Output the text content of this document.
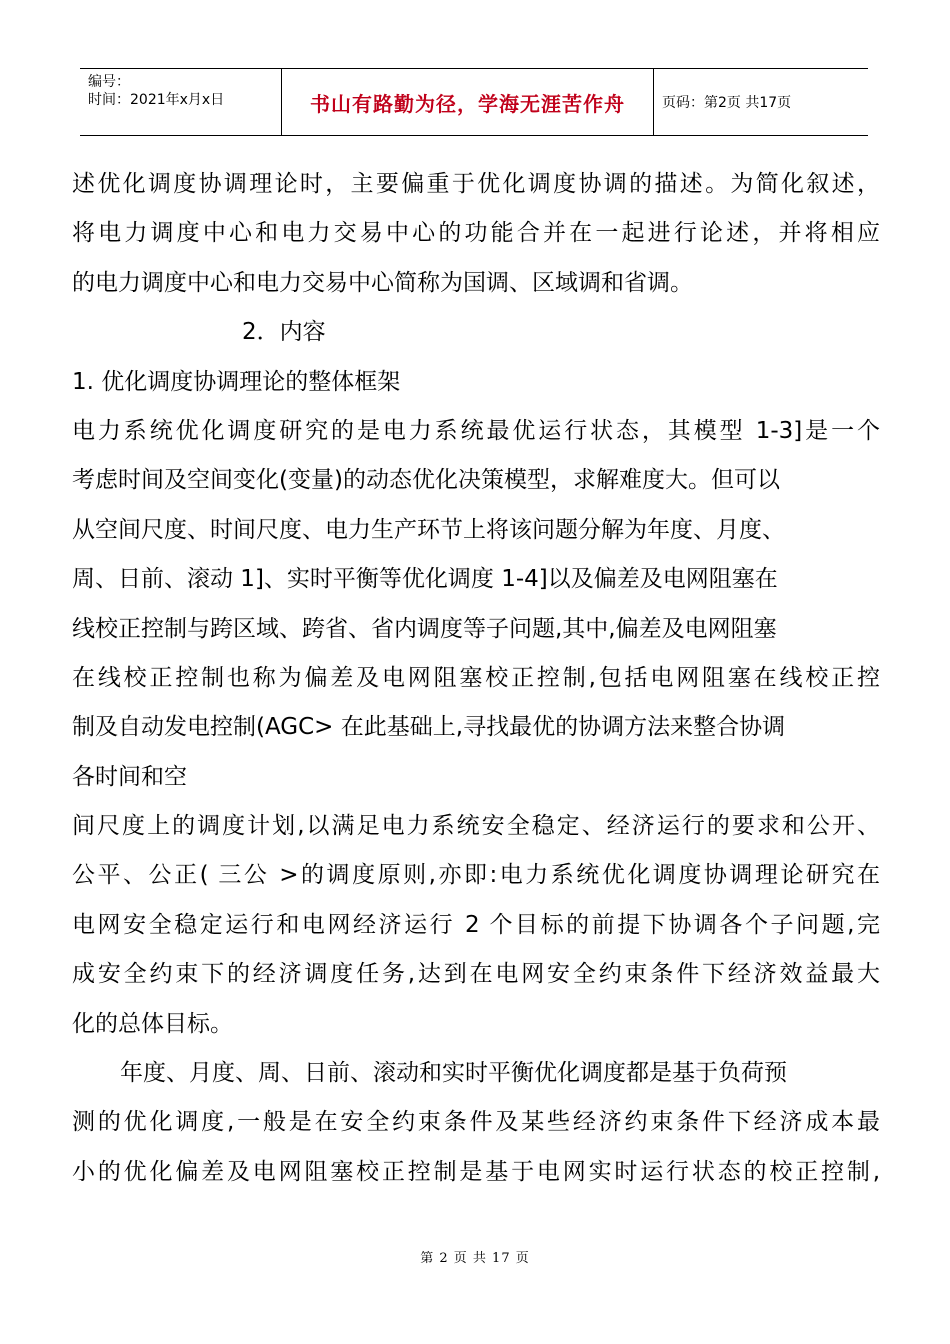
编号：
时间：2021年x月x日	书山有路勤为径，学海无涯苦作舟	页码：第2页 共17页
述优化调度协调理论时，主要偏重于优化调度协调的描述。为简化叙述，
将电力调度中心和电力交易中心的功能合并在一起进行论述，并将相应
的电力调度中心和电力交易中心简称为国调、区域调和省调。
2．内容
1. 优化调度协调理论的整体框架
电力系统优化调度研究的是电力系统最优运行状态，其模型 1-3]是一个
考虑时间及空间变化(变量)的动态优化决策模型，求解难度大。但可以
从空间尺度、时间尺度、电力生产环节上将该问题分解为年度、月度、
周、日前、滚动 1]、实时平衡等优化调度 1-4]以及偏差及电网阻塞在
线校正控制与跨区域、跨省、省内调度等子问题,其中,偏差及电网阻塞
在线校正控制也称为偏差及电网阻塞校正控制,包括电网阻塞在线校正控
制及自动发电控制(AGC> 在此基础上,寻找最优的协调方法来整合协调
各时间和空
间尺度上的调度计划,以满足电力系统安全稳定、经济运行的要求和公开、
公平、公正( 三公 >的调度原则,亦即:电力系统优化调度协调理论研究在
电网安全稳定运行和电网经济运行 2 个目标的前提下协调各个子问题,完
成安全约束下的经济调度任务,达到在电网安全约束条件下经济效益最大
化的总体目标。
年度、月度、周、日前、滚动和实时平衡优化调度都是基于负荷预
测的优化调度,一般是在安全约束条件及某些经济约束条件下经济成本最
小的优化偏差及电网阻塞校正控制是基于电网实时运行状态的校正控制,
第 2 页 共 17 页
